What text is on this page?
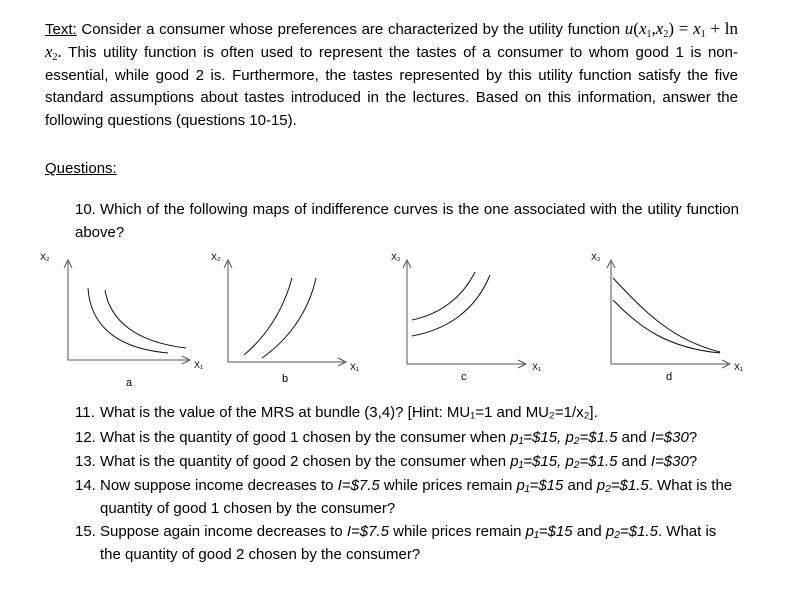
Text: Consider a consumer whose preferences are characterized by the utility function $u(x_1,x_2) = x_1 + \ln x_2$. This utility function is often used to represent the tastes of a consumer to whom good 1 is non-essential, while good 2 is. Furthermore, the tastes represented by this utility function satisfy the five standard assumptions about tastes introduced in the lectures. Based on this information, answer the following questions (questions 10-15).

Questions:

10. Which of the following maps of indifference curves is the one associated with the utility function above?

X₂
X₁
a
X₂
X₁
b
X₂
X₁
c
X₂
X₁
d

11. What is the value of the MRS at bundle (3,4)? [Hint: MU₁=1 and MU₂=1/x₂].

12. What is the quantity of good 1 chosen by the consumer when p₁=$15, p₂=$1.5 and I=$30?

13. What is the quantity of good 2 chosen by the consumer when p₁=$15, p₂=$1.5 and I=$30?

14. Now suppose income decreases to I=$7.5 while prices remain p₁=$15 and p₂=$1.5. What is the
quantity of good 1 chosen by the consumer?

15. Suppose again income decreases to I=$7.5 while prices remain p₁=$15 and p₂=$1.5. What is
the quantity of good 2 chosen by the consumer?
